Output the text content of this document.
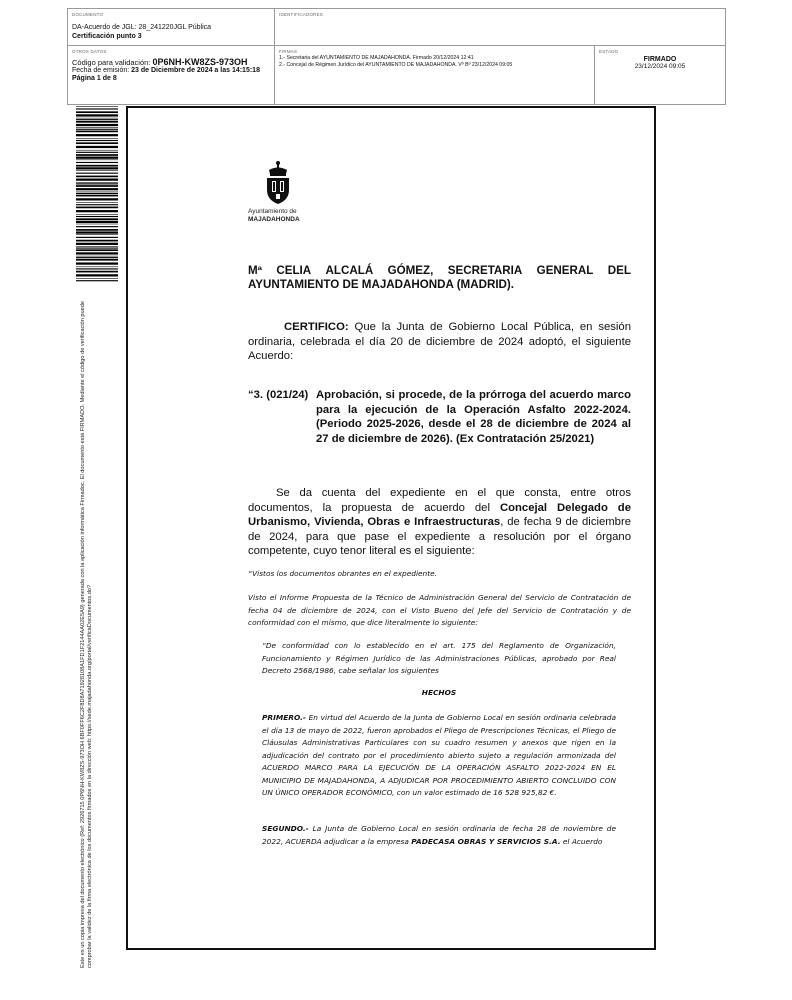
DOCUMENTO
DA-Acuerdo de JGL: 28_241220JGL Pública
Certificación punto 3
IDENTIFICADORES
OTROS DATOS
Código para validación: 0P6NH-KW8ZS-973OH
Fecha de emisión: 23 de Diciembre de 2024 a las 14:15:18
Página 1 de 8
FIRMAS
1.- Secretaria del AYUNTAMIENTO DE MAJADAHONDA. Firmado 20/12/2024 12:41
2.- Concejal de Régimen Jurídico del AYUNTAMIENTO DE MAJADAHONDA. Vº Bº 23/12/2024 09:05
ESTADO
FIRMADO
23/12/2024 09:05
Este es un copia impresa del documento electrónico (Ref: 2926715 0P6NH-KW8ZS-973OH 6BF0FF6C2F8D8A71928108A1FD1F2144AA02E5A9) generada con la aplicación informática Firmadoc. El documento está FIRMADO. Mediante el código de verificación puede comprobar la validez de la firma electrónica de los documentos firmados en la dirección web: https://sede.majadahonda.org/portal/verificaDocumentos.do?
Ayuntamiento de
MAJADAHONDA
Mª CELIA ALCALÁ GÓMEZ, SECRETARIA GENERAL DEL
AYUNTAMIENTO DE MAJADAHONDA (MADRID).
CERTIFICO: Que la Junta de Gobierno Local Pública, en sesión ordinaria, celebrada el día 20 de diciembre de 2024 adoptó, el siguiente Acuerdo:
“3. (021/24) Aprobación, si procede, de la prórroga del acuerdo marco para la ejecución de la Operación Asfalto 2022-2024. (Periodo 2025-2026, desde el 28 de diciembre de 2024 al 27 de diciembre de 2026). (Ex Contratación 25/2021)
Se da cuenta del expediente en el que consta, entre otros documentos, la propuesta de acuerdo del Concejal Delegado de Urbanismo, Vivienda, Obras e Infraestructuras, de fecha 9 de diciembre de 2024, para que pase el expediente a resolución por el órgano competente, cuyo tenor literal es el siguiente:
“Vistos los documentos obrantes en el expediente.
Visto el Informe Propuesta de la Técnico de Administración General del Servicio de Contratación de fecha 04 de diciembre de 2024, con el Visto Bueno del Jefe del Servicio de Contratación y de conformidad con el mismo, que dice literalmente lo siguiente:
“De conformidad con lo establecido en el art. 175 del Reglamento de Organización, Funcionamiento y Régimen Jurídico de las Administraciones Públicas, aprobado por Real Decreto 2568/1986, cabe señalar los siguientes
HECHOS
PRIMERO.- En virtud del Acuerdo de la Junta de Gobierno Local en sesión ordinaria celebrada el día 13 de mayo de 2022, fueron aprobados el Pliego de Prescripciones Técnicas, el Pliego de Cláusulas Administrativas Particulares con su cuadro resumen y anexos que rigen en la adjudicación del contrato por el procedimiento abierto sujeto a regulación armonizada del ACUERDO MARCO PARA LA EJECUCIÓN DE LA OPERACIÓN ASFALTO 2022-2024 EN EL MUNICIPIO DE MAJADAHONDA, A ADJUDICAR POR PROCEDIMIENTO ABIERTO CONCLUIDO CON UN ÚNICO OPERADOR ECONÓMICO, con un valor estimado de 16 528 925,82 €.
SEGUNDO.- La Junta de Gobierno Local en sesión ordinaria de fecha 28 de noviembre de 2022, ACUERDA adjudicar a la empresa PADECASA OBRAS Y SERVICIOS S.A. el Acuerdo
